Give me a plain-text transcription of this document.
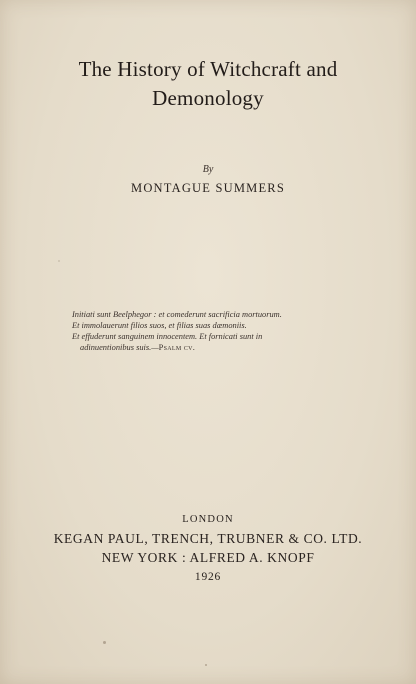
The History of Witchcraft and
Demonology
By
MONTAGUE SUMMERS
Initiati sunt Beelphegor : et comederunt sacrificia mortuorum.
Et immolauerunt filios suos, et filias suas dæmoniis.
Et effuderunt sanguinem innocentem. Et fornicati sunt in
adinuentionibus suis.—Psalm cv.
LONDON
KEGAN PAUL, TRENCH, TRUBNER & CO. LTD.
NEW YORK : ALFRED A. KNOPF
1926
